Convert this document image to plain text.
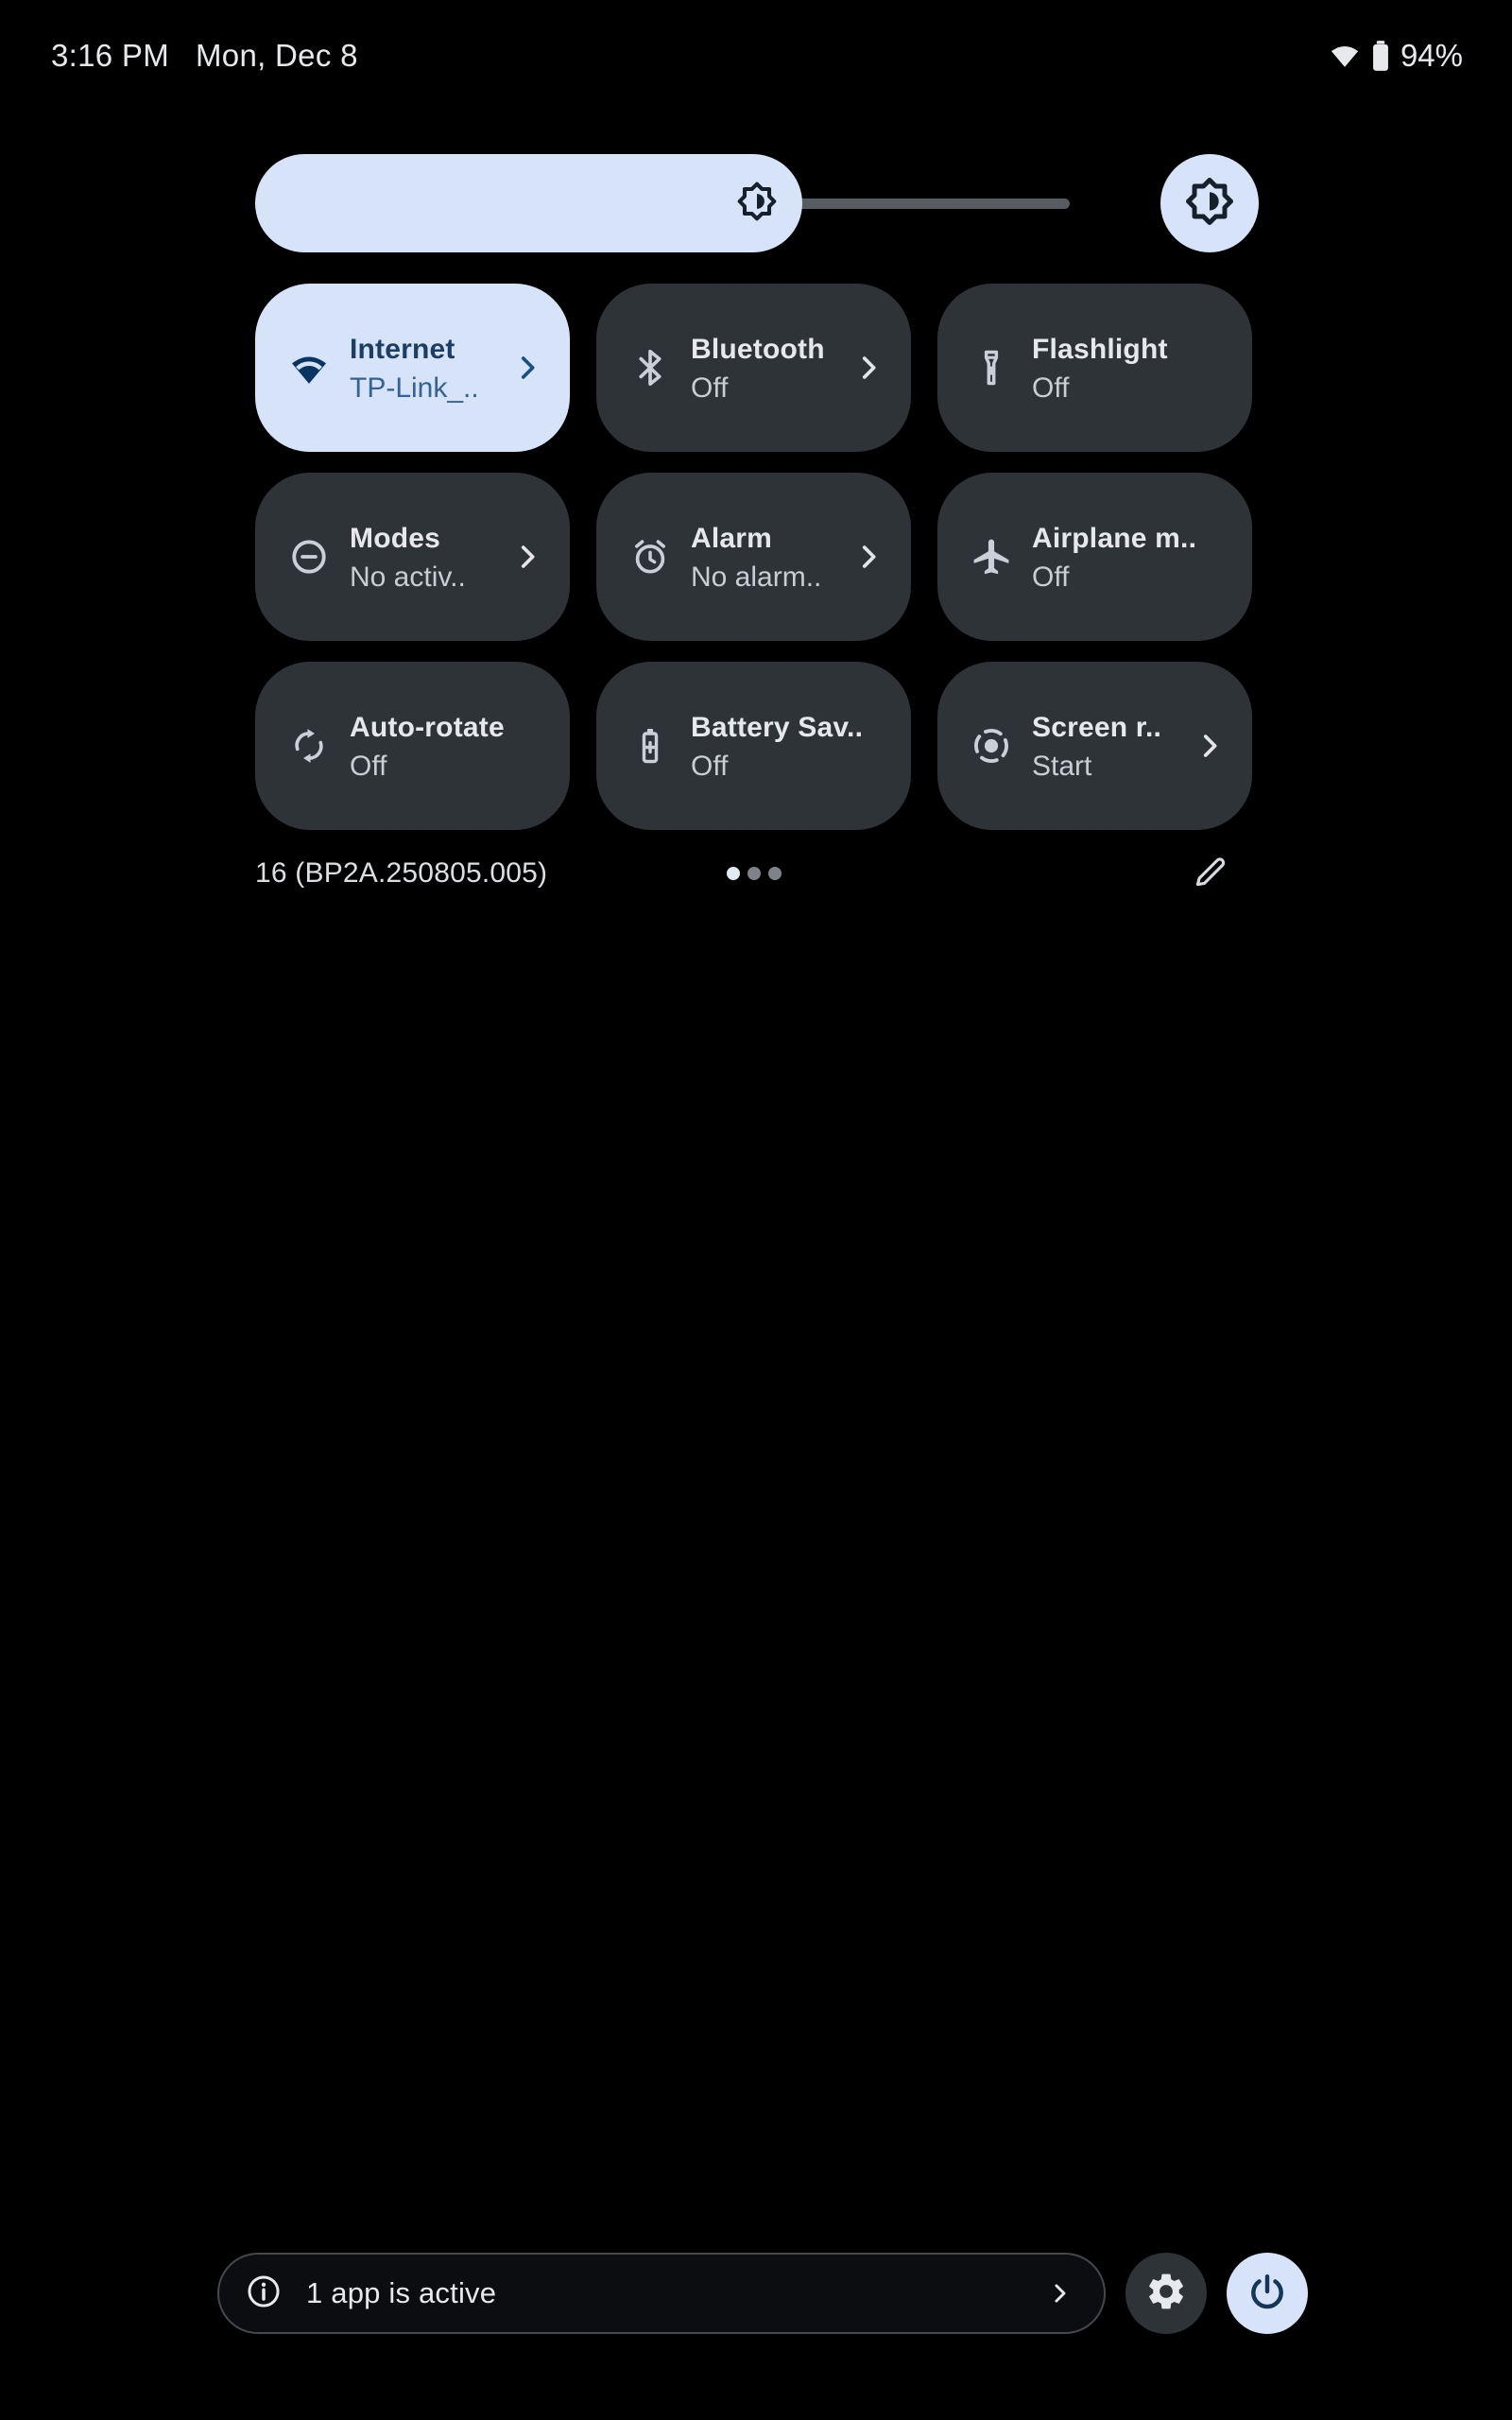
3:16 PM Mon, Dec 8	94%
Internet
TP-Link_..
Bluetooth
Off
Flashlight
Off
Modes
No activ..
Alarm
No alarm..
Airplane m..
Off
Auto-rotate
Off
Battery Sav..
Off
Screen r..
Start
16 (BP2A.250805.005)
1 app is active
